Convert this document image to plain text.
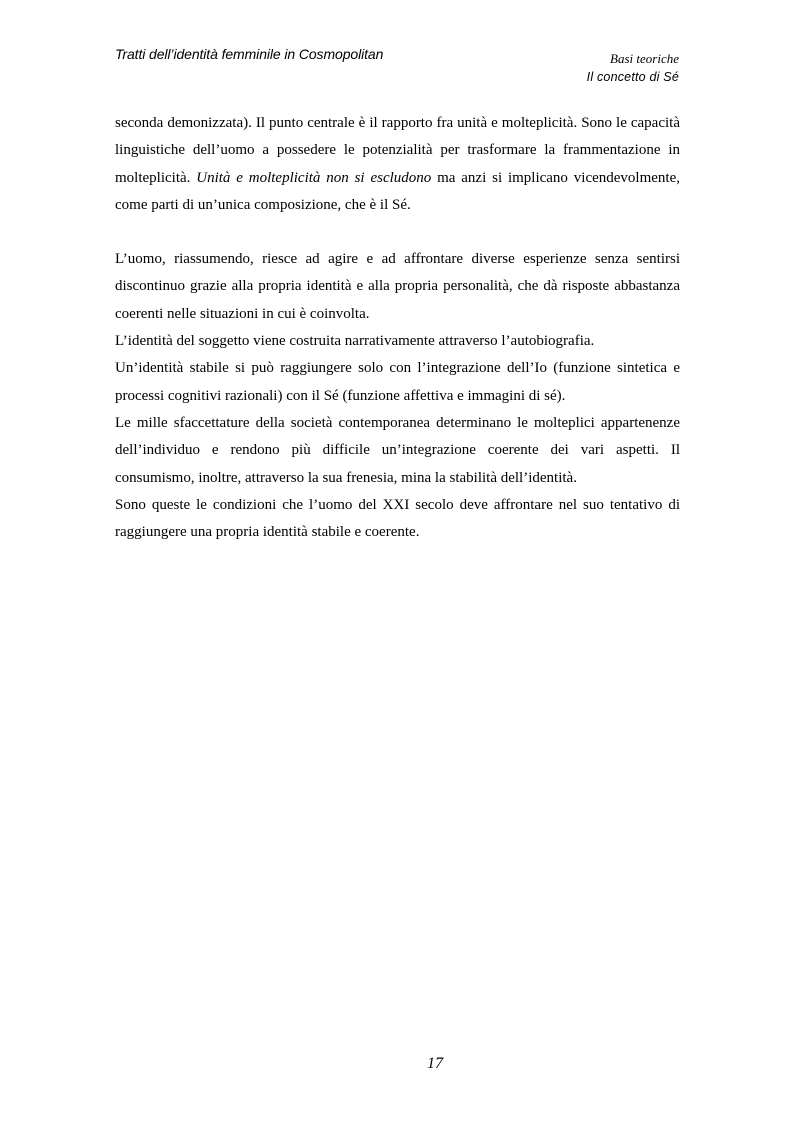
Tratti dell’identità femminile in Cosmopolitan	Basi teoriche
Il concetto di Sé

seconda demonizzata). Il punto centrale è il rapporto fra unità e molteplicità. Sono le capacità linguistiche dell’uomo a possedere le potenzialità per trasformare la frammentazione in molteplicità. Unità e molteplicità non si escludono ma anzi si implicano vicendevolmente, come parti di un’unica composizione, che è il Sé.

L’uomo, riassumendo, riesce ad agire e ad affrontare diverse esperienze senza sentirsi discontinuo grazie alla propria identità e alla propria personalità, che dà risposte abbastanza coerenti nelle situazioni in cui è coinvolta.

L’identità del soggetto viene costruita narrativamente attraverso l’autobiografia.

Un’identità stabile si può raggiungere solo con l’integrazione dell’Io (funzione sintetica e processi cognitivi razionali) con il Sé (funzione affettiva e immagini di sé).

Le mille sfaccettature della società contemporanea determinano le molteplici appartenenze dell’individuo e rendono più difficile un’integrazione coerente dei vari aspetti. Il consumismo, inoltre, attraverso la sua frenesia, mina la stabilità dell’identità.

Sono queste le condizioni che l’uomo del XXI secolo deve affrontare nel suo tentativo di raggiungere una propria identità stabile e coerente.

17
